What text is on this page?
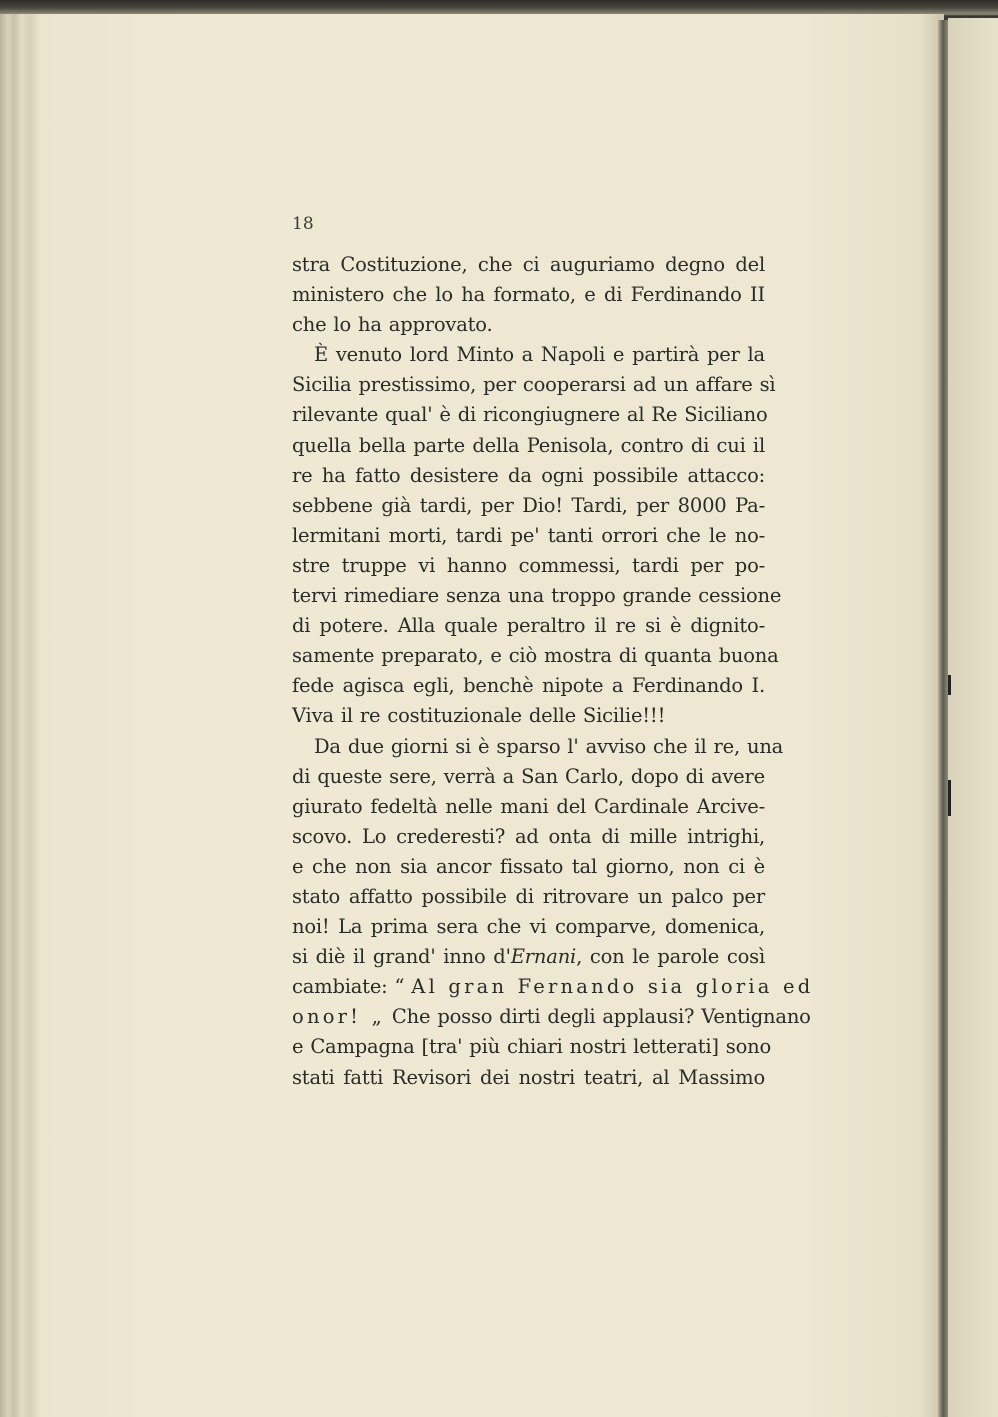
18
stra Costituzione, che ci auguriamo degno del
ministero che lo ha formato, e di Ferdinando II
che lo ha approvato.
È venuto lord Minto a Napoli e partirà per la
Sicilia prestissimo, per cooperarsi ad un affare sì
rilevante qual' è di ricongiugnere al Re Siciliano
quella bella parte della Penisola, contro di cui il
re ha fatto desistere da ogni possibile attacco:
sebbene già tardi, per Dio! Tardi, per 8000 Pa-
lermitani morti, tardi pe' tanti orrori che le no-
stre truppe vi hanno commessi, tardi per po-
tervi rimediare senza una troppo grande cessione
di potere. Alla quale peraltro il re si è dignito-
samente preparato, e ciò mostra di quanta buona
fede agisca egli, benchè nipote a Ferdinando I.
Viva il re costituzionale delle Sicilie!!!
Da due giorni si è sparso l' avviso che il re, una
di queste sere, verrà a San Carlo, dopo di avere
giurato fedeltà nelle mani del Cardinale Arcive-
scovo. Lo crederesti? ad onta di mille intrighi,
e che non sia ancor fissato tal giorno, non ci è
stato affatto possibile di ritrovare un palco per
noi! La prima sera che vi comparve, domenica,
si diè il grand' inno d'Ernani, con le parole così
cambiate: “ Al gran Fernando sia gloria ed
onor! „ Che posso dirti degli applausi? Ventignano
e Campagna [tra' più chiari nostri letterati] sono
stati fatti Revisori dei nostri teatri, al Massimo
